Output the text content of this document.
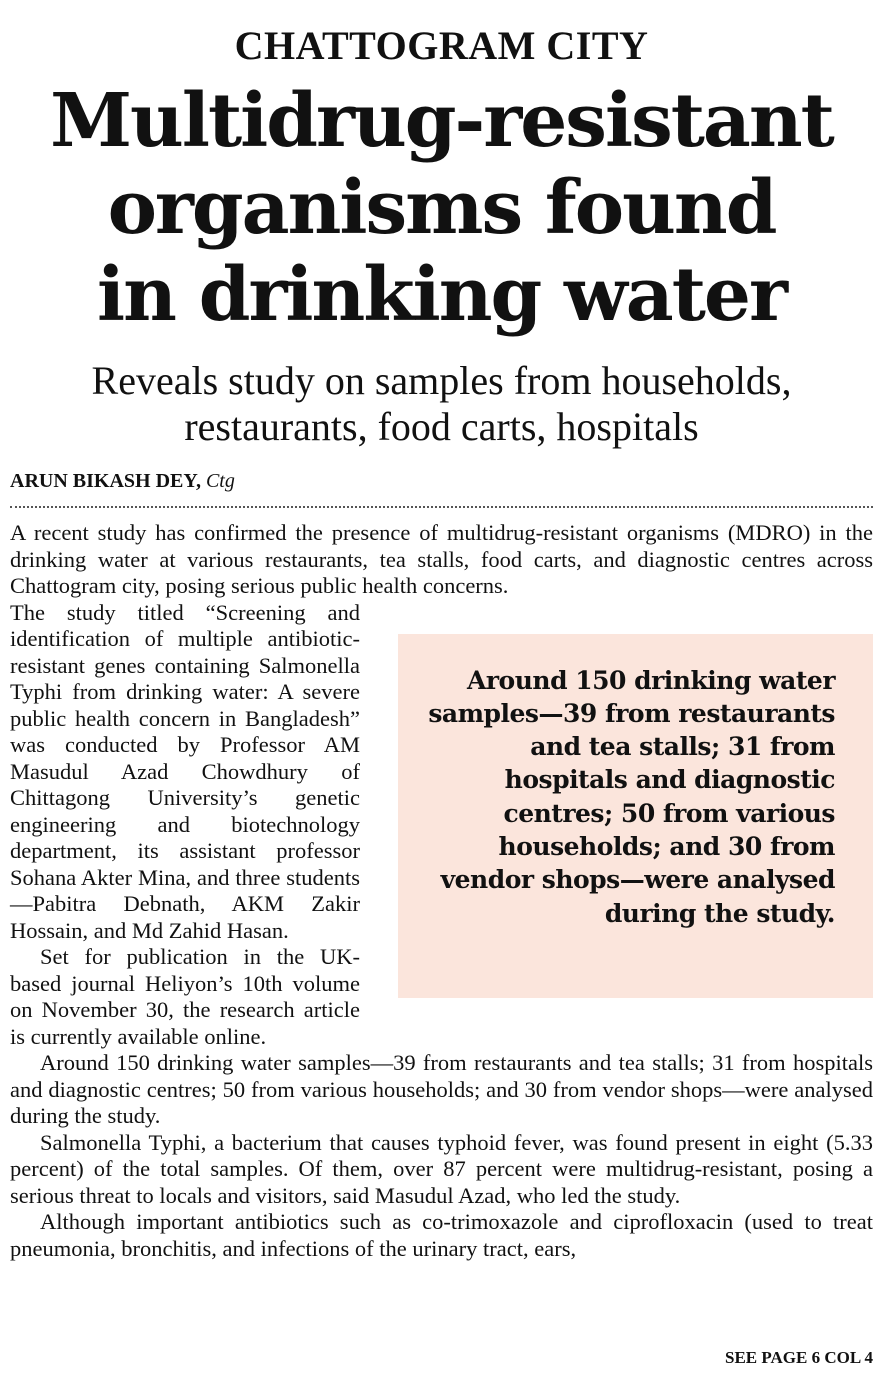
CHATTOGRAM CITY
Multidrug-resistant
organisms found
in drinking water
Reveals study on samples from households,
restaurants, food carts, hospitals
ARUN BIKASH DEY, Ctg

A recent study has confirmed the presence of multidrug-resistant organisms (MDRO) in the drinking water at various restaurants, tea stalls, food carts, and diagnostic centres across Chattogram city, posing serious public health concerns.

Around 150 drinking water samples—39 from restaurants and tea stalls; 31 from hospitals and diagnostic centres; 50 from various households; and 30 from vendor shops—were analysed during the study.

The study titled “Screening and identification of multiple antibiotic-resistant genes containing Salmonella Typhi from drinking water: A severe public health concern in Bangladesh” was conducted by Professor AM Masudul Azad Chowdhury of Chittagong University’s genetic engineering and biotechnology department, its assistant professor Sohana Akter Mina, and three students—Pabitra Debnath, AKM Zakir Hossain, and Md Zahid Hasan.

Set for publication in the UK-based journal Heliyon’s 10th volume on November 30, the research article is currently available online.

Around 150 drinking water samples—39 from restaurants and tea stalls; 31 from hospitals and diagnostic centres; 50 from various households; and 30 from vendor shops—were analysed during the study.

Salmonella Typhi, a bacterium that causes typhoid fever, was found present in eight (5.33 percent) of the total samples. Of them, over 87 percent were multidrug-resistant, posing a serious threat to locals and visitors, said Masudul Azad, who led the study.

Although important antibiotics such as co-trimoxazole and ciprofloxacin (used to treat pneumonia, bronchitis, and infections of the urinary tract, ears,

SEE PAGE 6 COL 4
